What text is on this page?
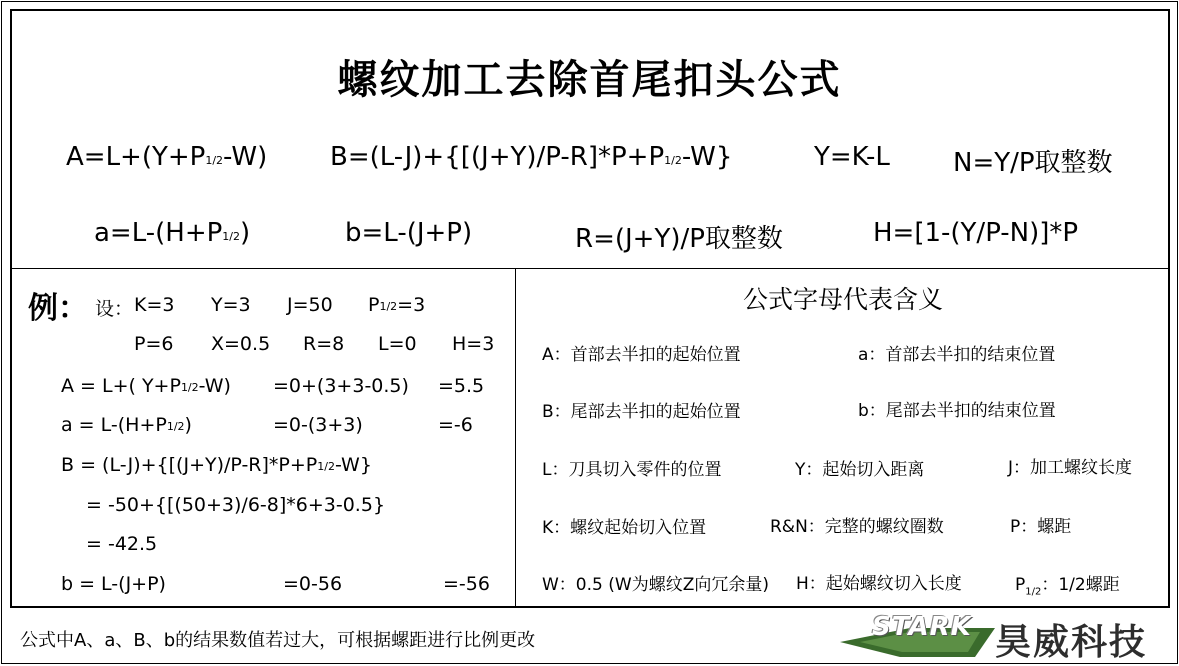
螺纹加工去除首尾扣头公式
$A=L+(Y+P_{1/2}-W)$ $B=(L-J)+\{[(J+Y)/P-R]*P+P_{1/2}-W\}$	Y=K-L N=Y/P取整数
$a=L-(H+P_{1/2})$	b=L-(J+P)	R=(J+Y)/P取整数	H=[1-(Y/P-N)]*P
例： 设： K=3 Y=3 J=50 $P_{1/2}=3$
P=6 X=0.5 R=8 L=0 H=3
A = L+( $Y+P_{1/2}-W) =0+(3+3-0.5) =5.5$
$a = L-(H+P_{1/2})$	=0-(3+3)	=-6
$B = (L-J)+\{[(J+Y)/P-R]*P+P_{1/2}-W\}$
= -50+{[(50+3)/6-8]*6+3-0.5}
= -42.5
b = L-(J+P)	=0-56	=-56
公式字母代表含义
A：首部去半扣的起始位置	a：首部去半扣的结束位置
B：尾部去半扣的起始位置	b：尾部去半扣的结束位置
L：刀具切入零件的位置	Y：起始切入距离	J：加工螺纹长度
K：螺纹起始切入位置	R&N：完整的螺纹圈数	P：螺距
W：0.5 (W为螺纹Z向冗余量) H：起始螺纹切入长度	$P_{1/2}$：1/2螺距
公式中A、a、B、b的结果数值若过大，可根据螺距进行比例更改	STARK 昊威科技
